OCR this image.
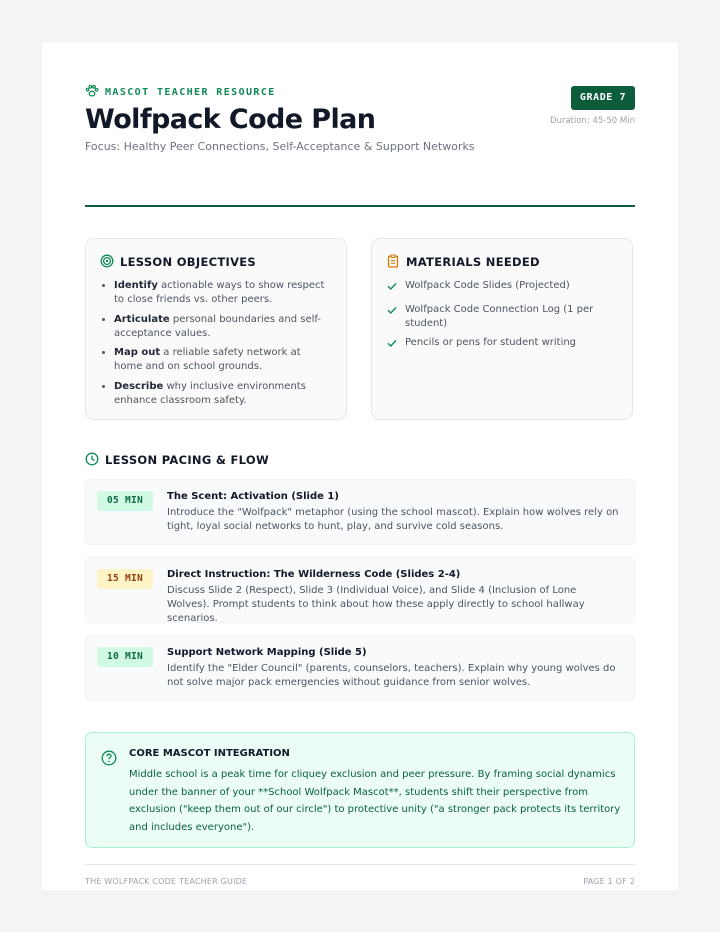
MASCOT TEACHER RESOURCE
Wolfpack Code Plan
Focus: Healthy Peer Connections, Self-Acceptance & Support Networks
GRADE 7
Duration: 45-50 Min
LESSON OBJECTIVES
• Identify actionable ways to show respect to close friends vs. other peers.
• Articulate personal boundaries and self-acceptance values.
• Map out a reliable safety network at home and on school grounds.
• Describe why inclusive environments enhance classroom safety.
MATERIALS NEEDED
Wolfpack Code Slides (Projected)
Wolfpack Code Connection Log (1 per student)
Pencils or pens for student writing
LESSON PACING & FLOW
05 MIN	The Scent: Activation (Slide 1)
Introduce the "Wolfpack" metaphor (using the school mascot). Explain how wolves rely on tight, loyal social networks to hunt, play, and survive cold seasons.
15 MIN	Direct Instruction: The Wilderness Code (Slides 2-4)
Discuss Slide 2 (Respect), Slide 3 (Individual Voice), and Slide 4 (Inclusion of Lone Wolves). Prompt students to think about how these apply directly to school hallway scenarios.
10 MIN	Support Network Mapping (Slide 5)
Identify the "Elder Council" (parents, counselors, teachers). Explain why young wolves do not solve major pack emergencies without guidance from senior wolves.
CORE MASCOT INTEGRATION
Middle school is a peak time for cliquey exclusion and peer pressure. By framing social dynamics under the banner of your **School Wolfpack Mascot**, students shift their perspective from exclusion ("keep them out of our circle") to protective unity ("a stronger pack protects its territory and includes everyone").
THE WOLFPACK CODE TEACHER GUIDE	PAGE 1 OF 2
